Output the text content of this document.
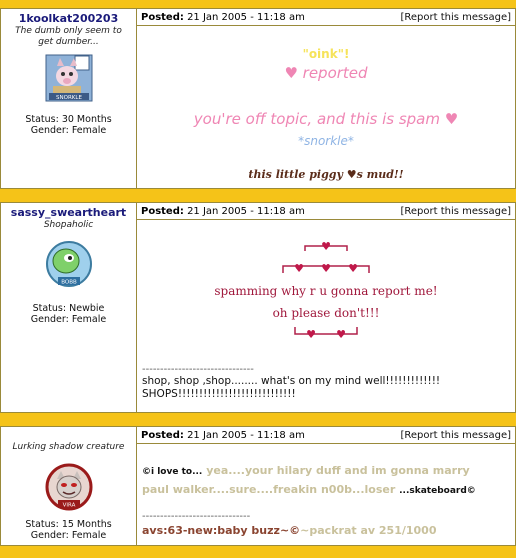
1koolkat200203
The dumb only seem to get dumber...
SNORKLE
Status: 30 Months
Gender: Female
Posted: 21 Jan 2005 - 11:18 am	[Report this message]
"oink"!
♥ reported
you're off topic, and this is spam ♥
*snorkle*
this little piggy ♥s mud!!
sassy_sweartheart
Shopaholic
BOBB
Status: Newbie
Gender: Female
Posted: 21 Jan 2005 - 11:18 am	[Report this message]
♥
♥ ♥ ♥
spamming why r u gonna report me!
oh please don't!!!
♥ ♥
-------------------------------
shop, shop ,shop........ what's on my mind well!!!!!!!!!!!!! SHOPS!!!!!!!!!!!!!!!!!!!!!!!!!!!!
Lurking shadow creature
VIRA
Status: 15 Months
Gender: Female
Posted: 21 Jan 2005 - 11:18 am	[Report this message]
©i love to... yea....your hilary duff and im gonna marry paul walker....sure....freakin n00b...loser ...skateboard©
------------------------------
avs:63-new:baby buzz~©~packrat av 251/1000
